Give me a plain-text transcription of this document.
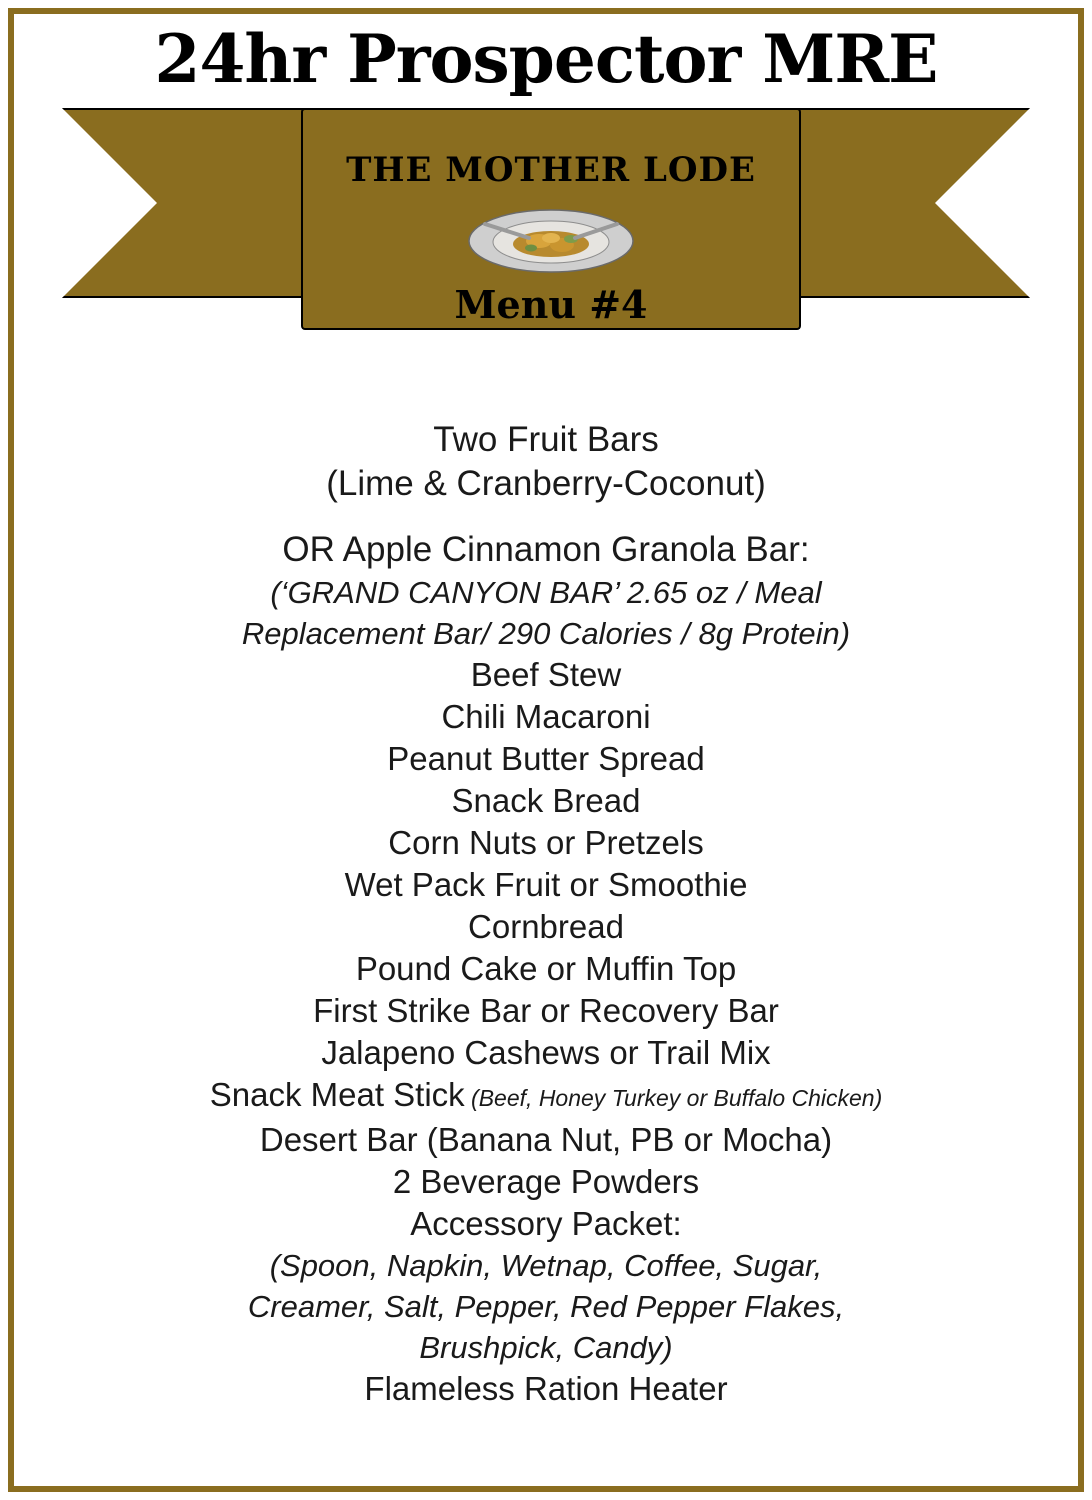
24hr Prospector MRE
THE MOTHER LODE
Menu #4
Two Fruit Bars
(Lime & Cranberry-Coconut)
OR Apple Cinnamon Granola Bar:
(‘GRAND CANYON BAR’ 2.65 oz / Meal
Replacement Bar/ 290 Calories / 8g Protein)
Beef Stew
Chili Macaroni
Peanut Butter Spread
Snack Bread
Corn Nuts or Pretzels
Wet Pack Fruit or Smoothie
Cornbread
Pound Cake or Muffin Top
First Strike Bar or Recovery Bar
Jalapeno Cashews or Trail Mix
Snack Meat Stick (Beef, Honey Turkey or Buffalo Chicken)
Desert Bar (Banana Nut, PB or Mocha)
2 Beverage Powders
Accessory Packet:
(Spoon, Napkin, Wetnap, Coffee, Sugar,
Creamer, Salt, Pepper, Red Pepper Flakes,
Brushpick, Candy)
Flameless Ration Heater
